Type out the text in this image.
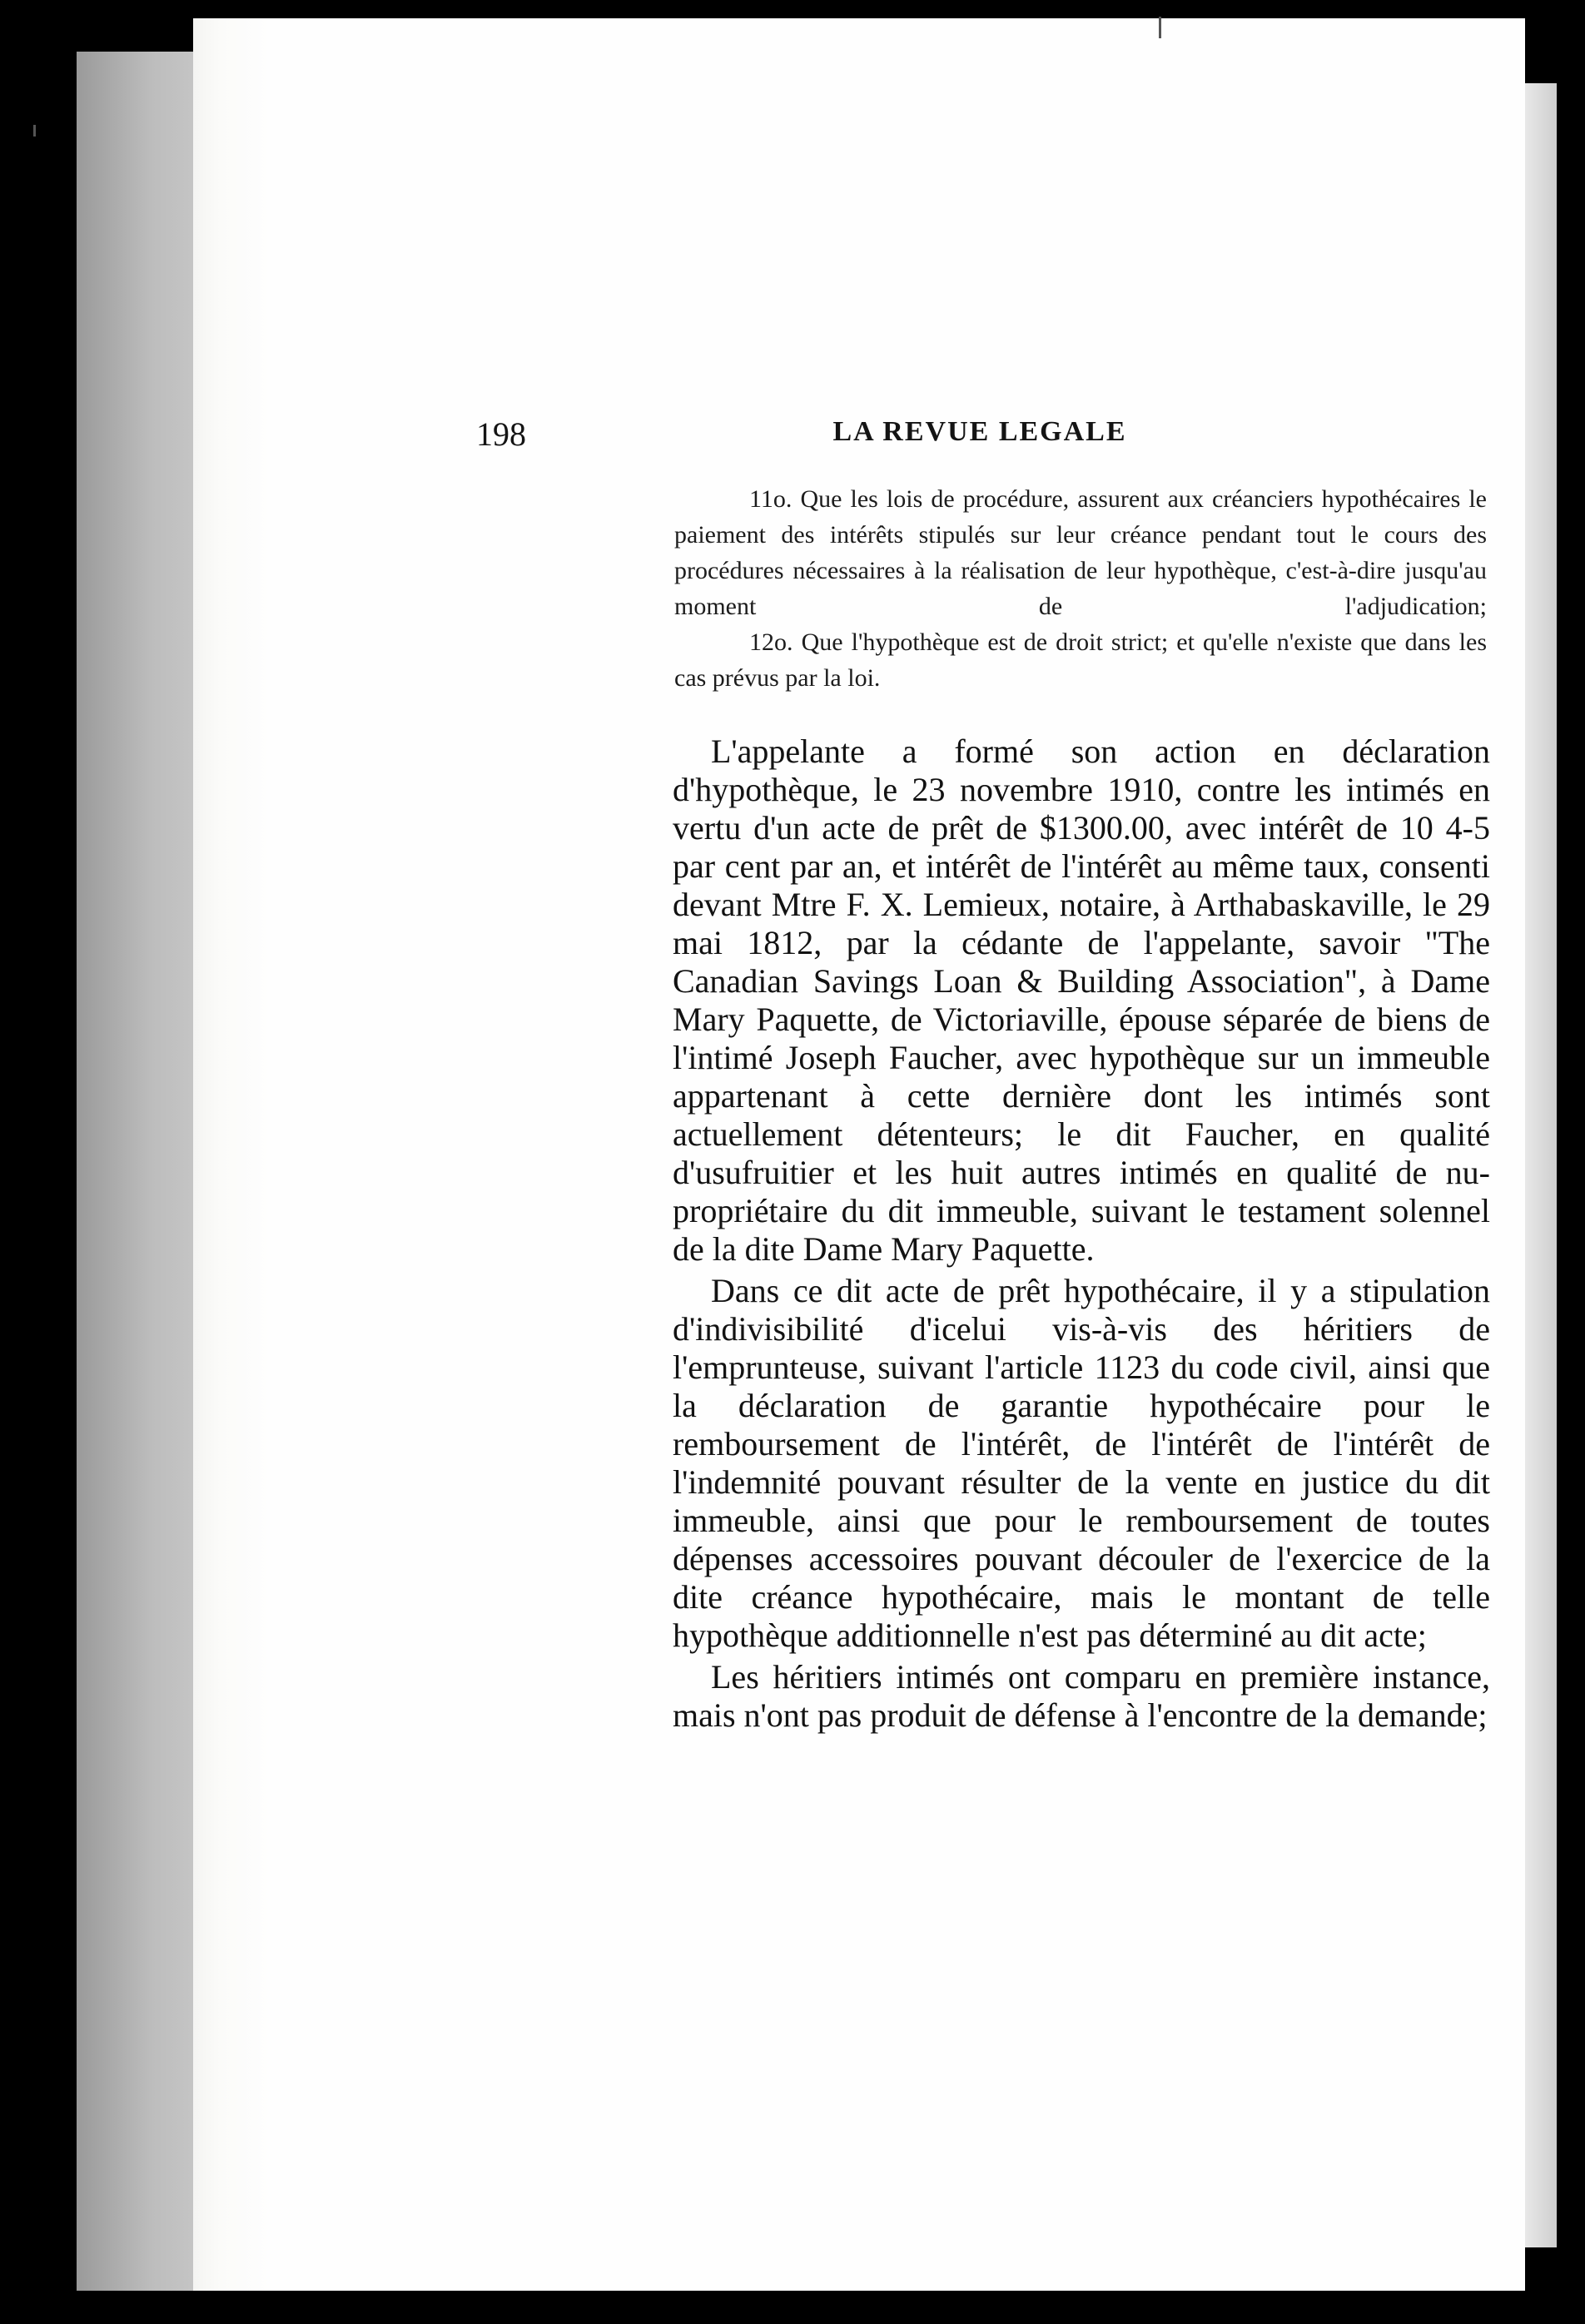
198	LA REVUE LEGALE

11o. Que les lois de procédure, assurent aux créanciers hypothécaires le paiement des intérêts stipulés sur leur créance pendant tout le cours des procédures nécessaires à la réalisation de leur hypothèque, c'est-à-dire jusqu'au moment de l'adjudication;

12o. Que l'hypothèque est de droit strict; et qu'elle n'existe que dans les cas prévus par la loi.

L'appelante a formé son action en déclaration d'hypothèque, le 23 novembre 1910, contre les intimés en vertu d'un acte de prêt de $1300.00, avec intérêt de 10 4-5 par cent par an, et intérêt de l'intérêt au même taux, consenti devant Mtre F. X. Lemieux, notaire, à Arthabaskaville, le 29 mai 1812, par la cédante de l'appelante, savoir "The Canadian Savings Loan & Building Association", à Dame Mary Paquette, de Victoriaville, épouse séparée de biens de l'intimé Joseph Faucher, avec hypothèque sur un immeuble appartenant à cette dernière dont les intimés sont actuellement détenteurs; le dit Faucher, en qualité d'usufruitier et les huit autres intimés en qualité de nu-propriétaire du dit immeuble, suivant le testament solennel de la dite Dame Mary Paquette.

Dans ce dit acte de prêt hypothécaire, il y a stipulation d'indivisibilité d'icelui vis-à-vis des héritiers de l'emprunteuse, suivant l'article 1123 du code civil, ainsi que la déclaration de garantie hypothécaire pour le remboursement de l'intérêt, de l'intérêt de l'intérêt de l'indemnité pouvant résulter de la vente en justice du dit immeuble, ainsi que pour le remboursement de toutes dépenses accessoires pouvant découler de l'exercice de la dite créance hypothécaire, mais le montant de telle hypothèque additionnelle n'est pas déterminé au dit acte;

Les héritiers intimés ont comparu en première instance, mais n'ont pas produit de défense à l'encontre de la demande;
